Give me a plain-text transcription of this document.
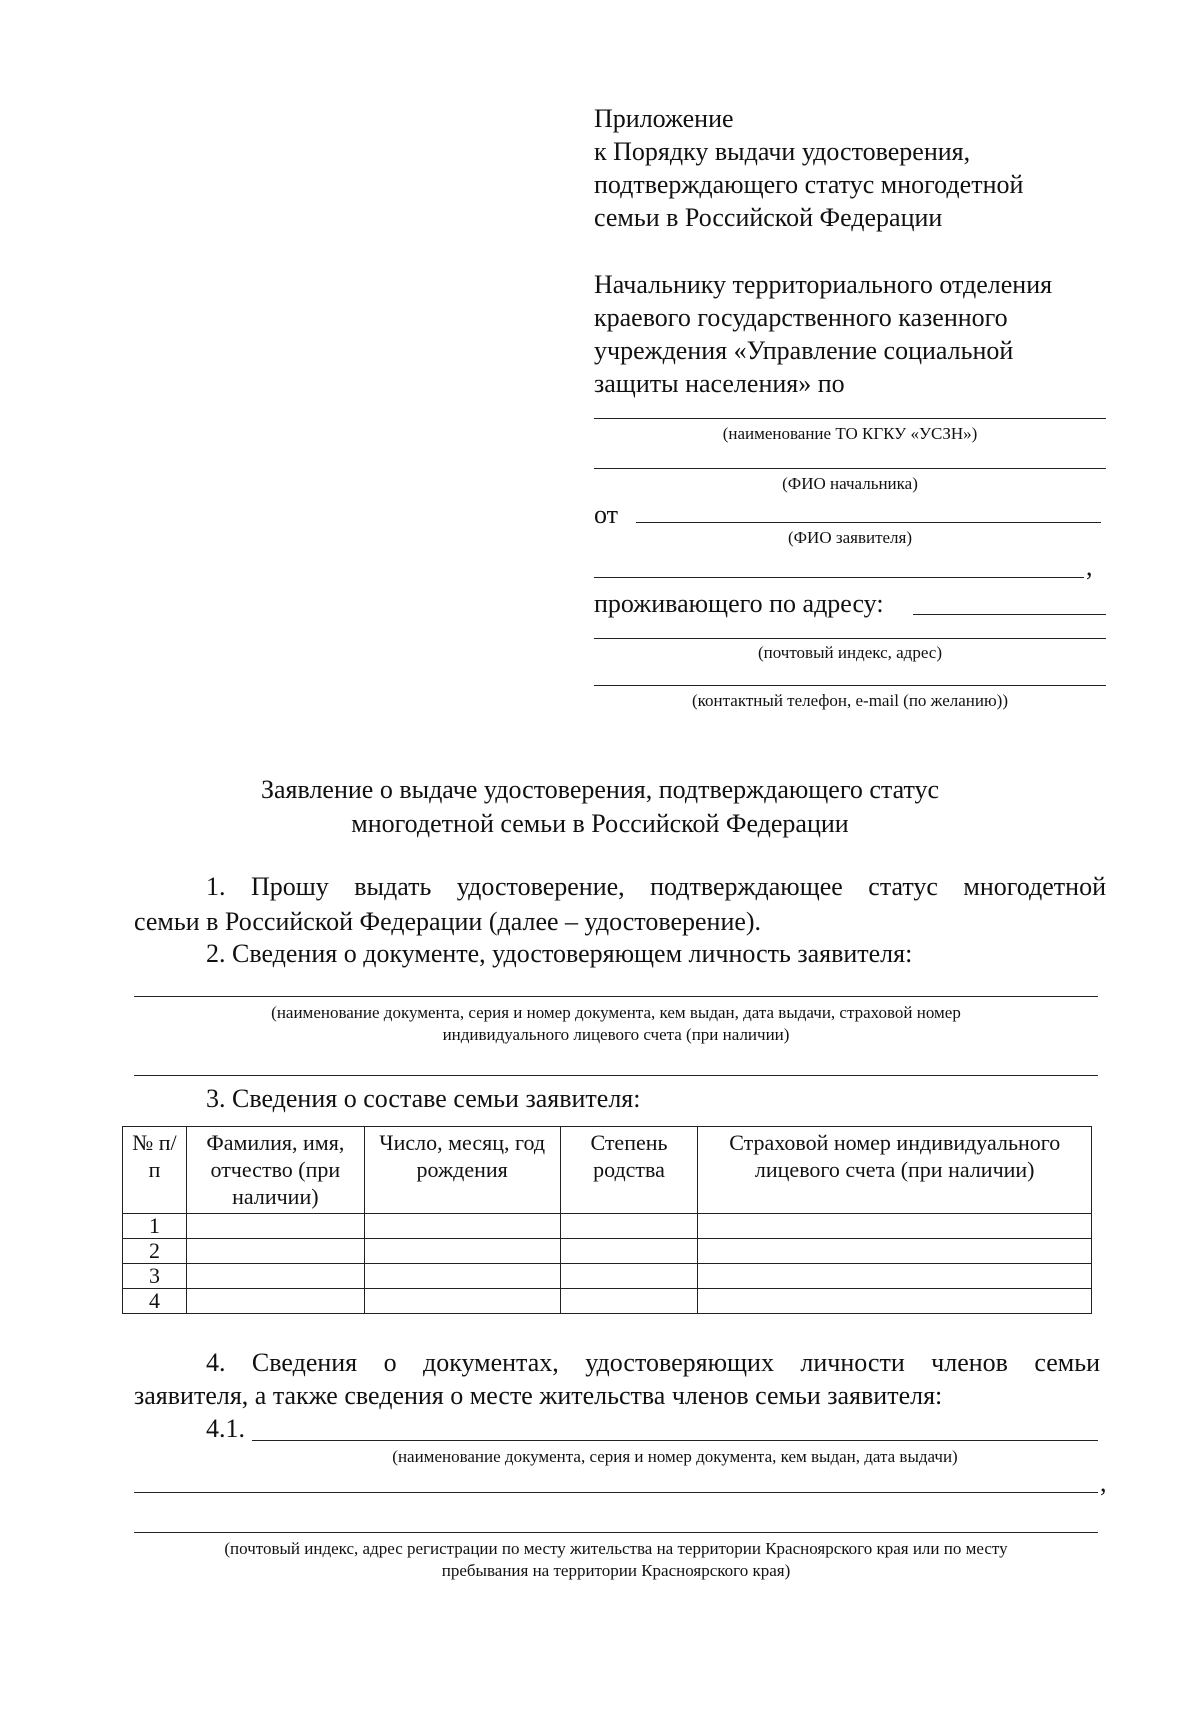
Приложение
к Порядку выдачи удостоверения,
подтверждающего статус многодетной
семьи в Российской Федерации
Начальнику территориального отделения
краевого государственного казенного
учреждения «Управление социальной
защиты населения» по
(наименование ТО КГКУ «УСЗН»)
(ФИО начальника)
от
(ФИО заявителя)
,
проживающего по адресу:
(почтовый индекс, адрес)
(контактный телефон, e-mail (по желанию))
Заявление о выдаче удостоверения, подтверждающего статус
многодетной семьи в Российской Федерации
1. Прошу выдать удостоверение, подтверждающее статус многодетной
семьи в Российской Федерации (далее – удостоверение).
2. Сведения о документе, удостоверяющем личность заявителя:
(наименование документа, серия и номер документа, кем выдан, дата выдачи, страховой номер
индивидуального лицевого счета (при наличии)
3. Сведения о составе семьи заявителя:
№ п/п	Фамилия, имя, отчество (при наличии)	Число, месяц, год рождения	Степень родства	Страховой номер индивидуального лицевого счета (при наличии)
1				
2				
3				
4				
4. Сведения о документах, удостоверяющих личности членов семьи
заявителя, а также сведения о месте жительства членов семьи заявителя:
4.1.
(наименование документа, серия и номер документа, кем выдан, дата выдачи)
,
(почтовый индекс, адрес регистрации по месту жительства на территории Красноярского края или по месту
пребывания на территории Красноярского края)
